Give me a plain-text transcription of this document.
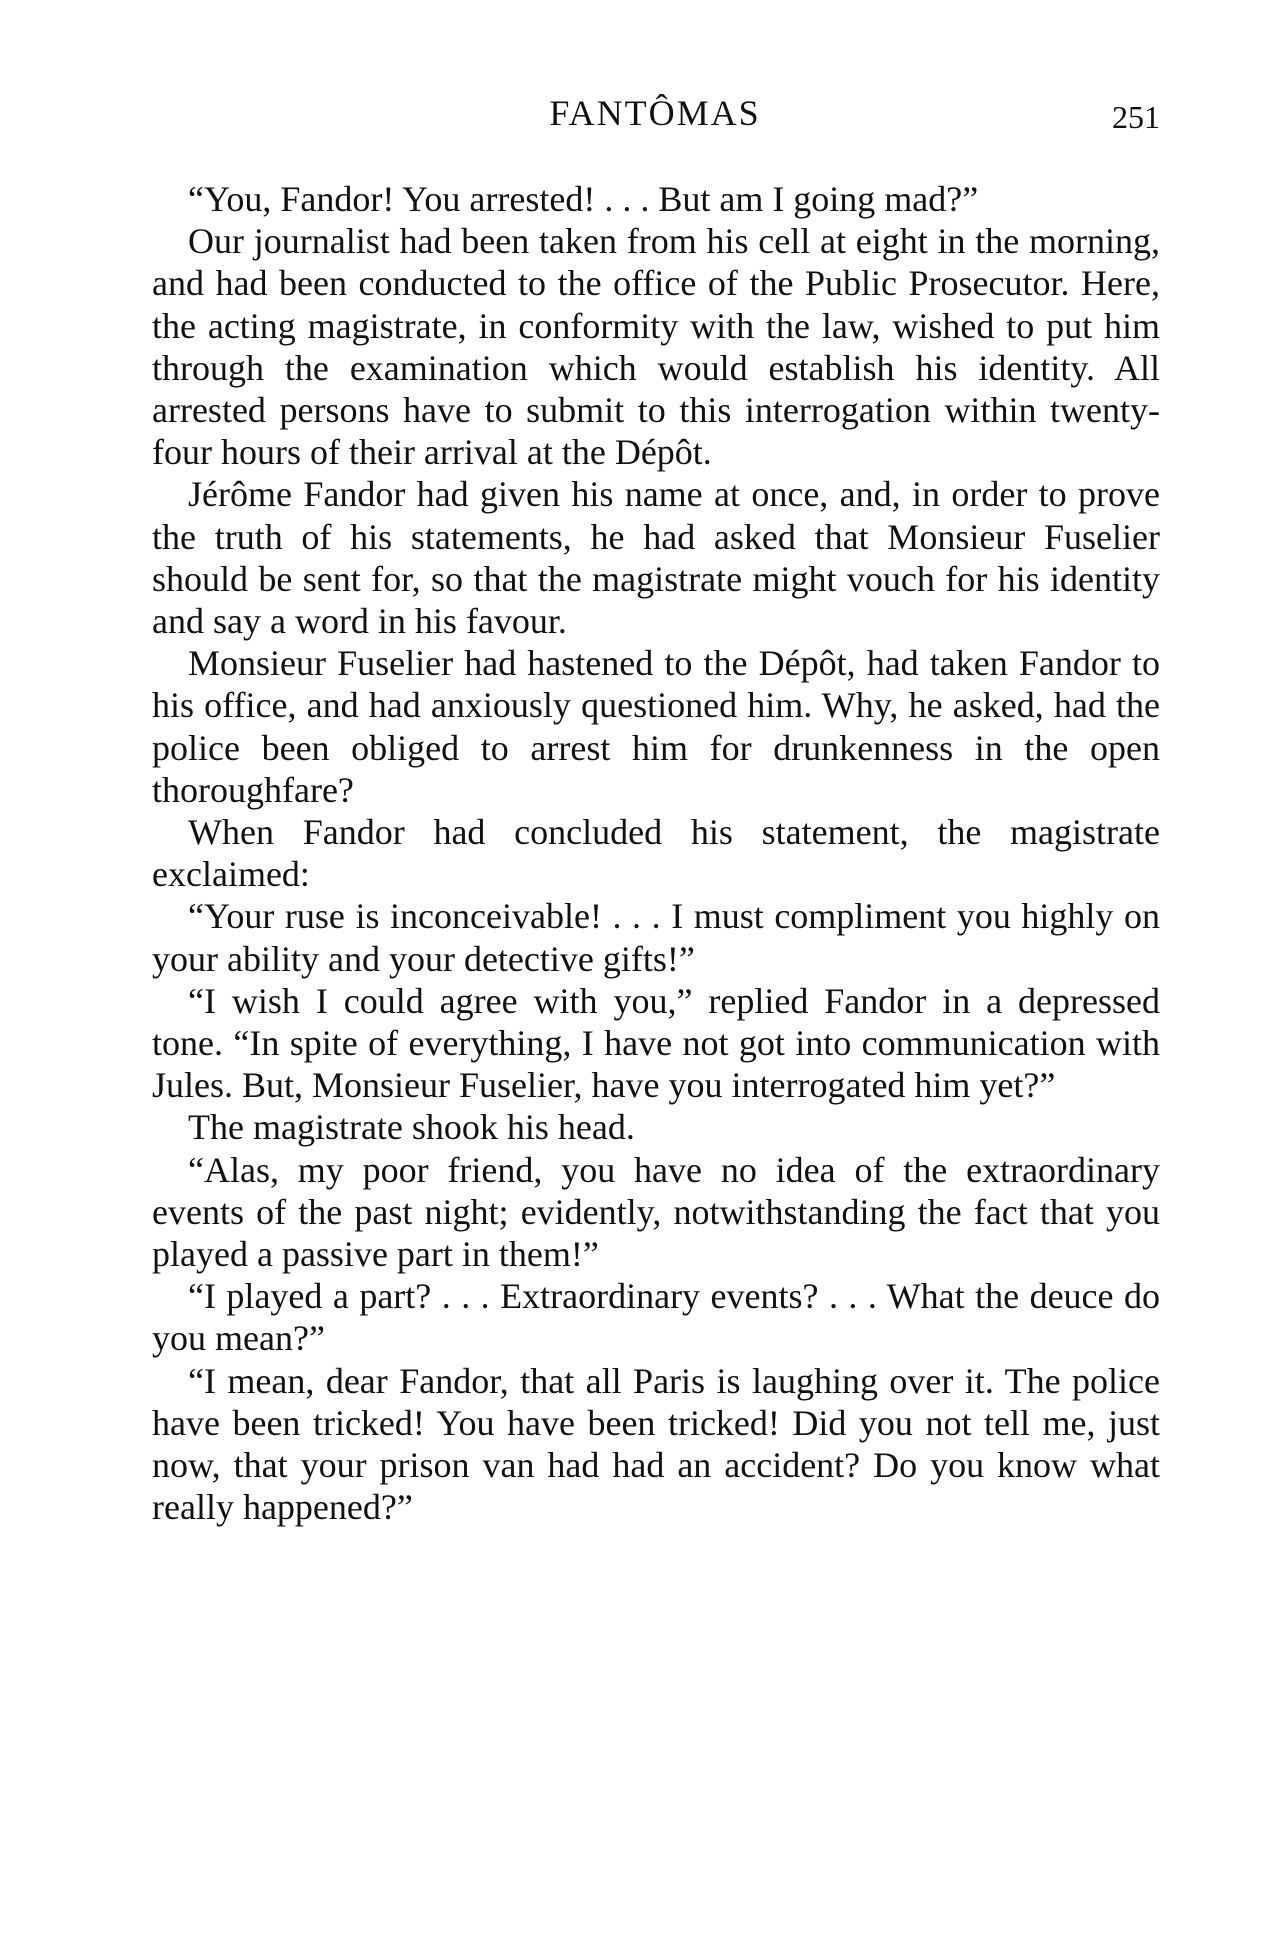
FANTÔMAS	251

“You, Fandor! You arrested! . . . But am I going mad?”

Our journalist had been taken from his cell at eight in the morning, and had been conducted to the office of the Public Prosecutor. Here, the acting magistrate, in conformity with the law, wished to put him through the examination which would establish his identity. All arrested persons have to submit to this interrogation within twenty-four hours of their arrival at the Dépôt.

Jérôme Fandor had given his name at once, and, in order to prove the truth of his statements, he had asked that Monsieur Fuselier should be sent for, so that the magistrate might vouch for his identity and say a word in his favour.

Monsieur Fuselier had hastened to the Dépôt, had taken Fandor to his office, and had anxiously questioned him. Why, he asked, had the police been obliged to arrest him for drunkenness in the open thoroughfare?

When Fandor had concluded his statement, the magistrate exclaimed:

“Your ruse is inconceivable! . . . I must compliment you highly on your ability and your detective gifts!”

“I wish I could agree with you,” replied Fandor in a depressed tone. “In spite of everything, I have not got into communication with Jules. But, Monsieur Fuselier, have you interrogated him yet?”

The magistrate shook his head.

“Alas, my poor friend, you have no idea of the extraordinary events of the past night; evidently, notwithstanding the fact that you played a passive part in them!”

“I played a part? . . . Extraordinary events? . . . What the deuce do you mean?”

“I mean, dear Fandor, that all Paris is laughing over it. The police have been tricked! You have been tricked! Did you not tell me, just now, that your prison van had had an accident? Do you know what really happened?”
